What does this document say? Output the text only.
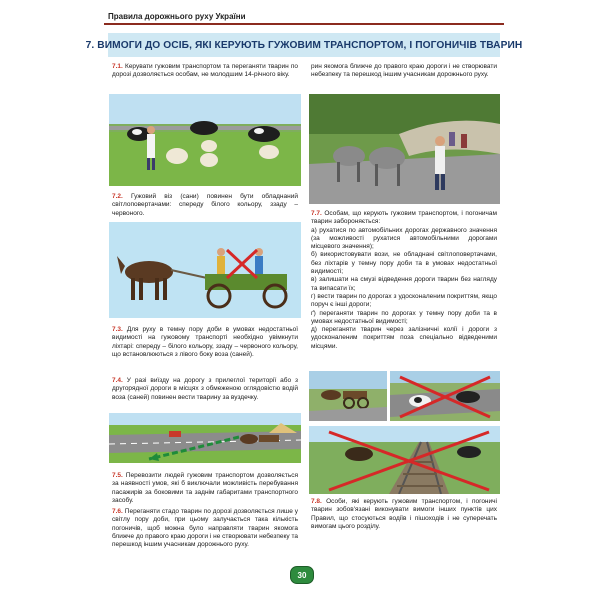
Правила дорожнього руху України
7. ВИМОГИ ДО ОСІБ, ЯКІ КЕРУЮТЬ ГУЖОВИМ ТРАНСПОРТОМ, І ПОГОНИЧІВ ТВАРИН
7.1. Керувати гужовим транспортом та переганяти тварин по дорозі дозволяється особам, не молодшим 14-річного віку.
7.2. Гужовий віз (сани) повинен бути обладнаний світлоповертачами: спереду білого кольору, ззаду – червоного.
7.3. Для руху в темну пору доби в умовах недостатньої видимості на гужовому транспорті необхідно увімкнути ліхтарі: спереду – білого кольору, ззаду – червоного кольору, що встановлюються з лівого боку воза (саней).
7.4. У разі виїзду на дорогу з прилеглої території або з другорядної дороги в місцях з обмеженою оглядовістю водій воза (саней) повинен вести тварину за вуздечку.
7.5. Перевозити людей гужовим транспортом дозволяється за наявності умов, які б виключали можливість перебування пасажирів за боковими та заднім габаритами транспортного засобу.
7.6. Переганяти стадо тварин по дорозі дозволяється лише у світлу пору доби, при цьому залучається така кількість погоничів, щоб можна було направляти тварин якомога ближче до правого краю дороги і не створювати небезпеку та перешкод іншим учасникам дорожнього руху.
рин якомога ближче до правого краю дороги і не створювати небезпеку та перешкод іншим учасникам дорожнього руху.
7.7. Особам, що керують гужовим транспортом, і погоничам тварин забороняється:
а) рухатися по автомобільних дорогах державного значення (за можливості рухатися автомобільними дорогами місцевого значення);
б) використовувати вози, не обладнані світлоповертачами, без ліхтарів у темну пору доби та в умовах недостатньої видимості;
в) залишати на смузі відведення дороги тварин без нагляду та випасати їх;
г) вести тварин по дорогах з удосконаленим покриттям, якщо поруч є інші дороги;
ґ) переганяти тварин по дорогах у темну пору доби та в умовах недостатньої видимості;
д) переганяти тварин через залізничні колії і дороги з удосконаленим покриттям поза спеціально відведеними місцями.
7.8. Особи, які керують гужовим транспортом, і погоничі тварин зобов'язані виконувати вимоги інших пунктів цих Правил, що стосуються водіїв і пішоходів і не суперечать вимогам цього розділу.
30
